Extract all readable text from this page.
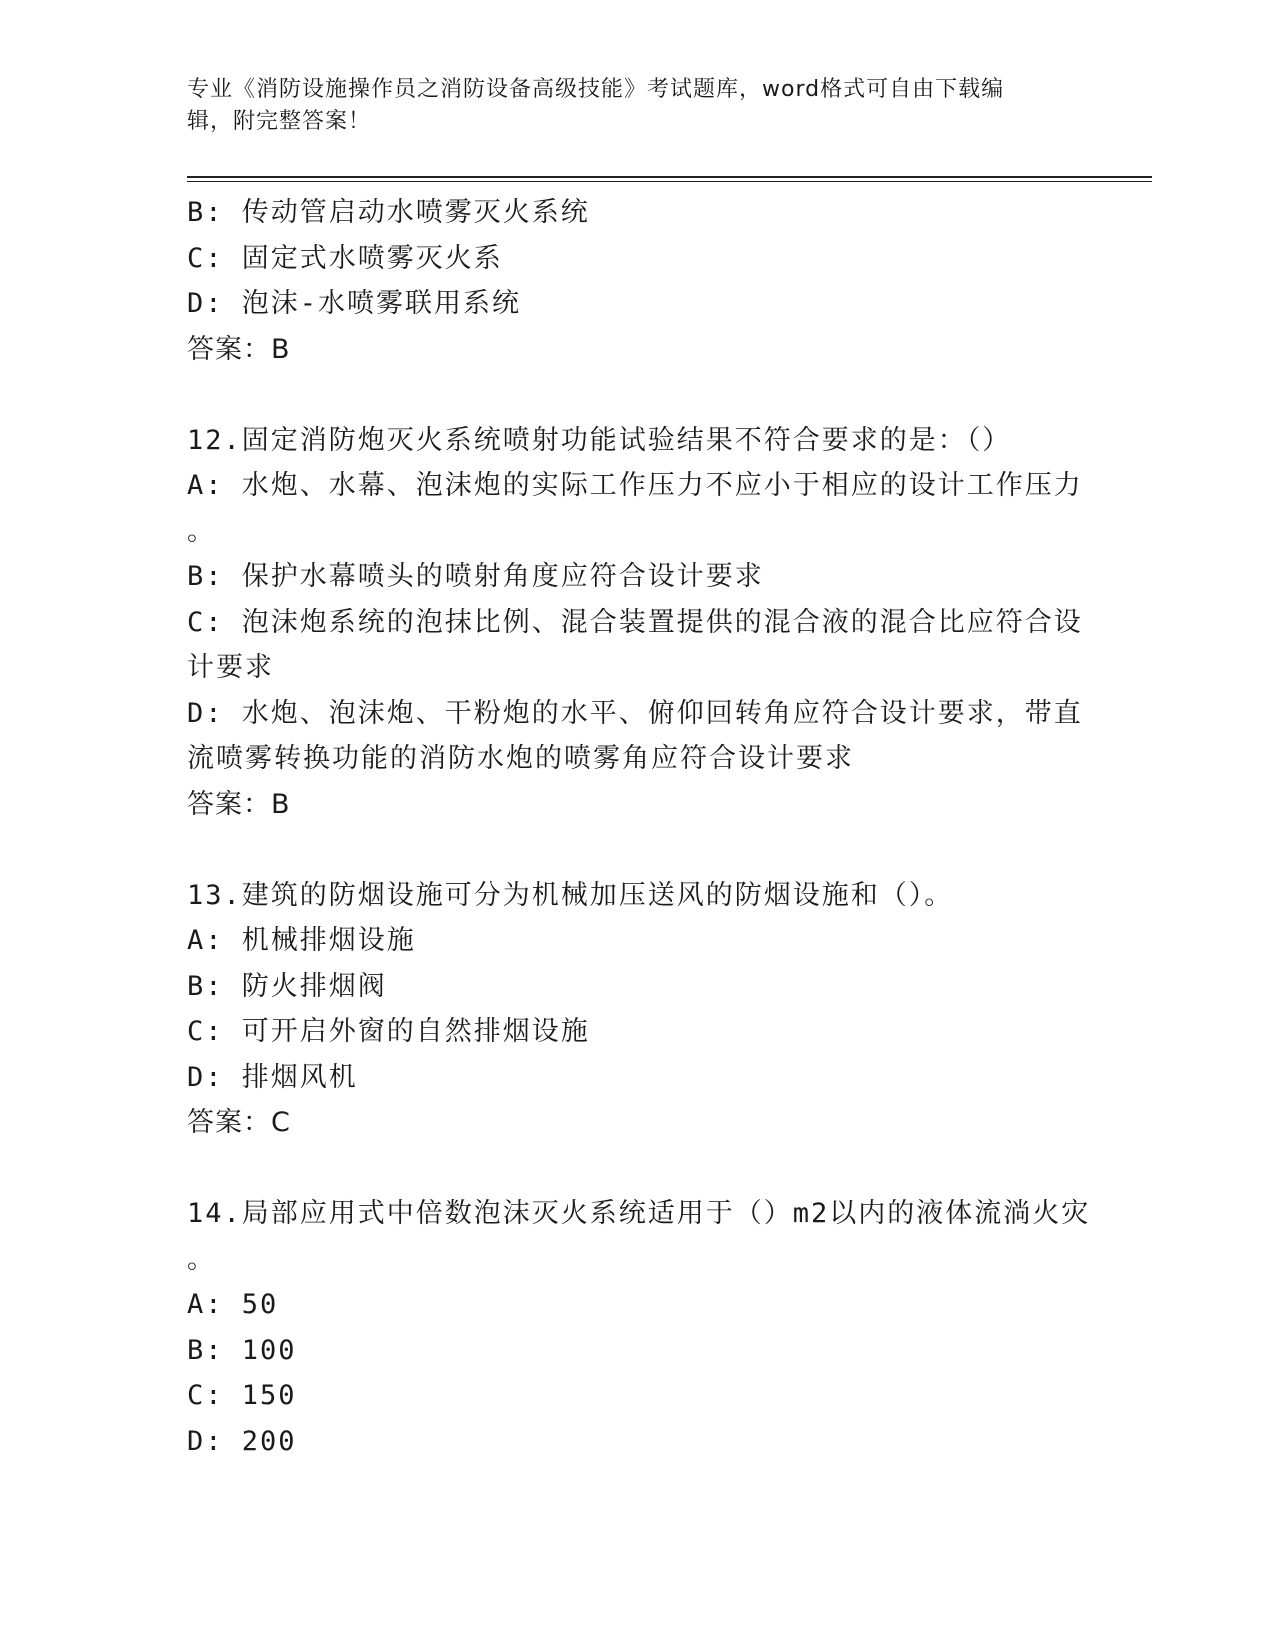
专业《消防设施操作员之消防设备高级技能》考试题库，word格式可自由下载编
辑，附完整答案！
B: 传动管启动水喷雾灭火系统
C: 固定式水喷雾灭火系
D: 泡沫-水喷雾联用系统
答案：B
12.固定消防炮灭火系统喷射功能试验结果不符合要求的是：（）
A: 水炮、水幕、泡沫炮的实际工作压力不应小于相应的设计工作压力
。
B: 保护水幕喷头的喷射角度应符合设计要求
C: 泡沫炮系统的泡抹比例、混合装置提供的混合液的混合比应符合设
计要求
D: 水炮、泡沫炮、干粉炮的水平、俯仰回转角应符合设计要求，带直
流喷雾转换功能的消防水炮的喷雾角应符合设计要求
答案：B
13.建筑的防烟设施可分为机械加压送风的防烟设施和（）。
A: 机械排烟设施
B: 防火排烟阀
C: 可开启外窗的自然排烟设施
D: 排烟风机
答案：C
14.局部应用式中倍数泡沫灭火系统适用于（）m2以内的液体流淌火灾
。
A: 50
B: 100
C: 150
D: 200
